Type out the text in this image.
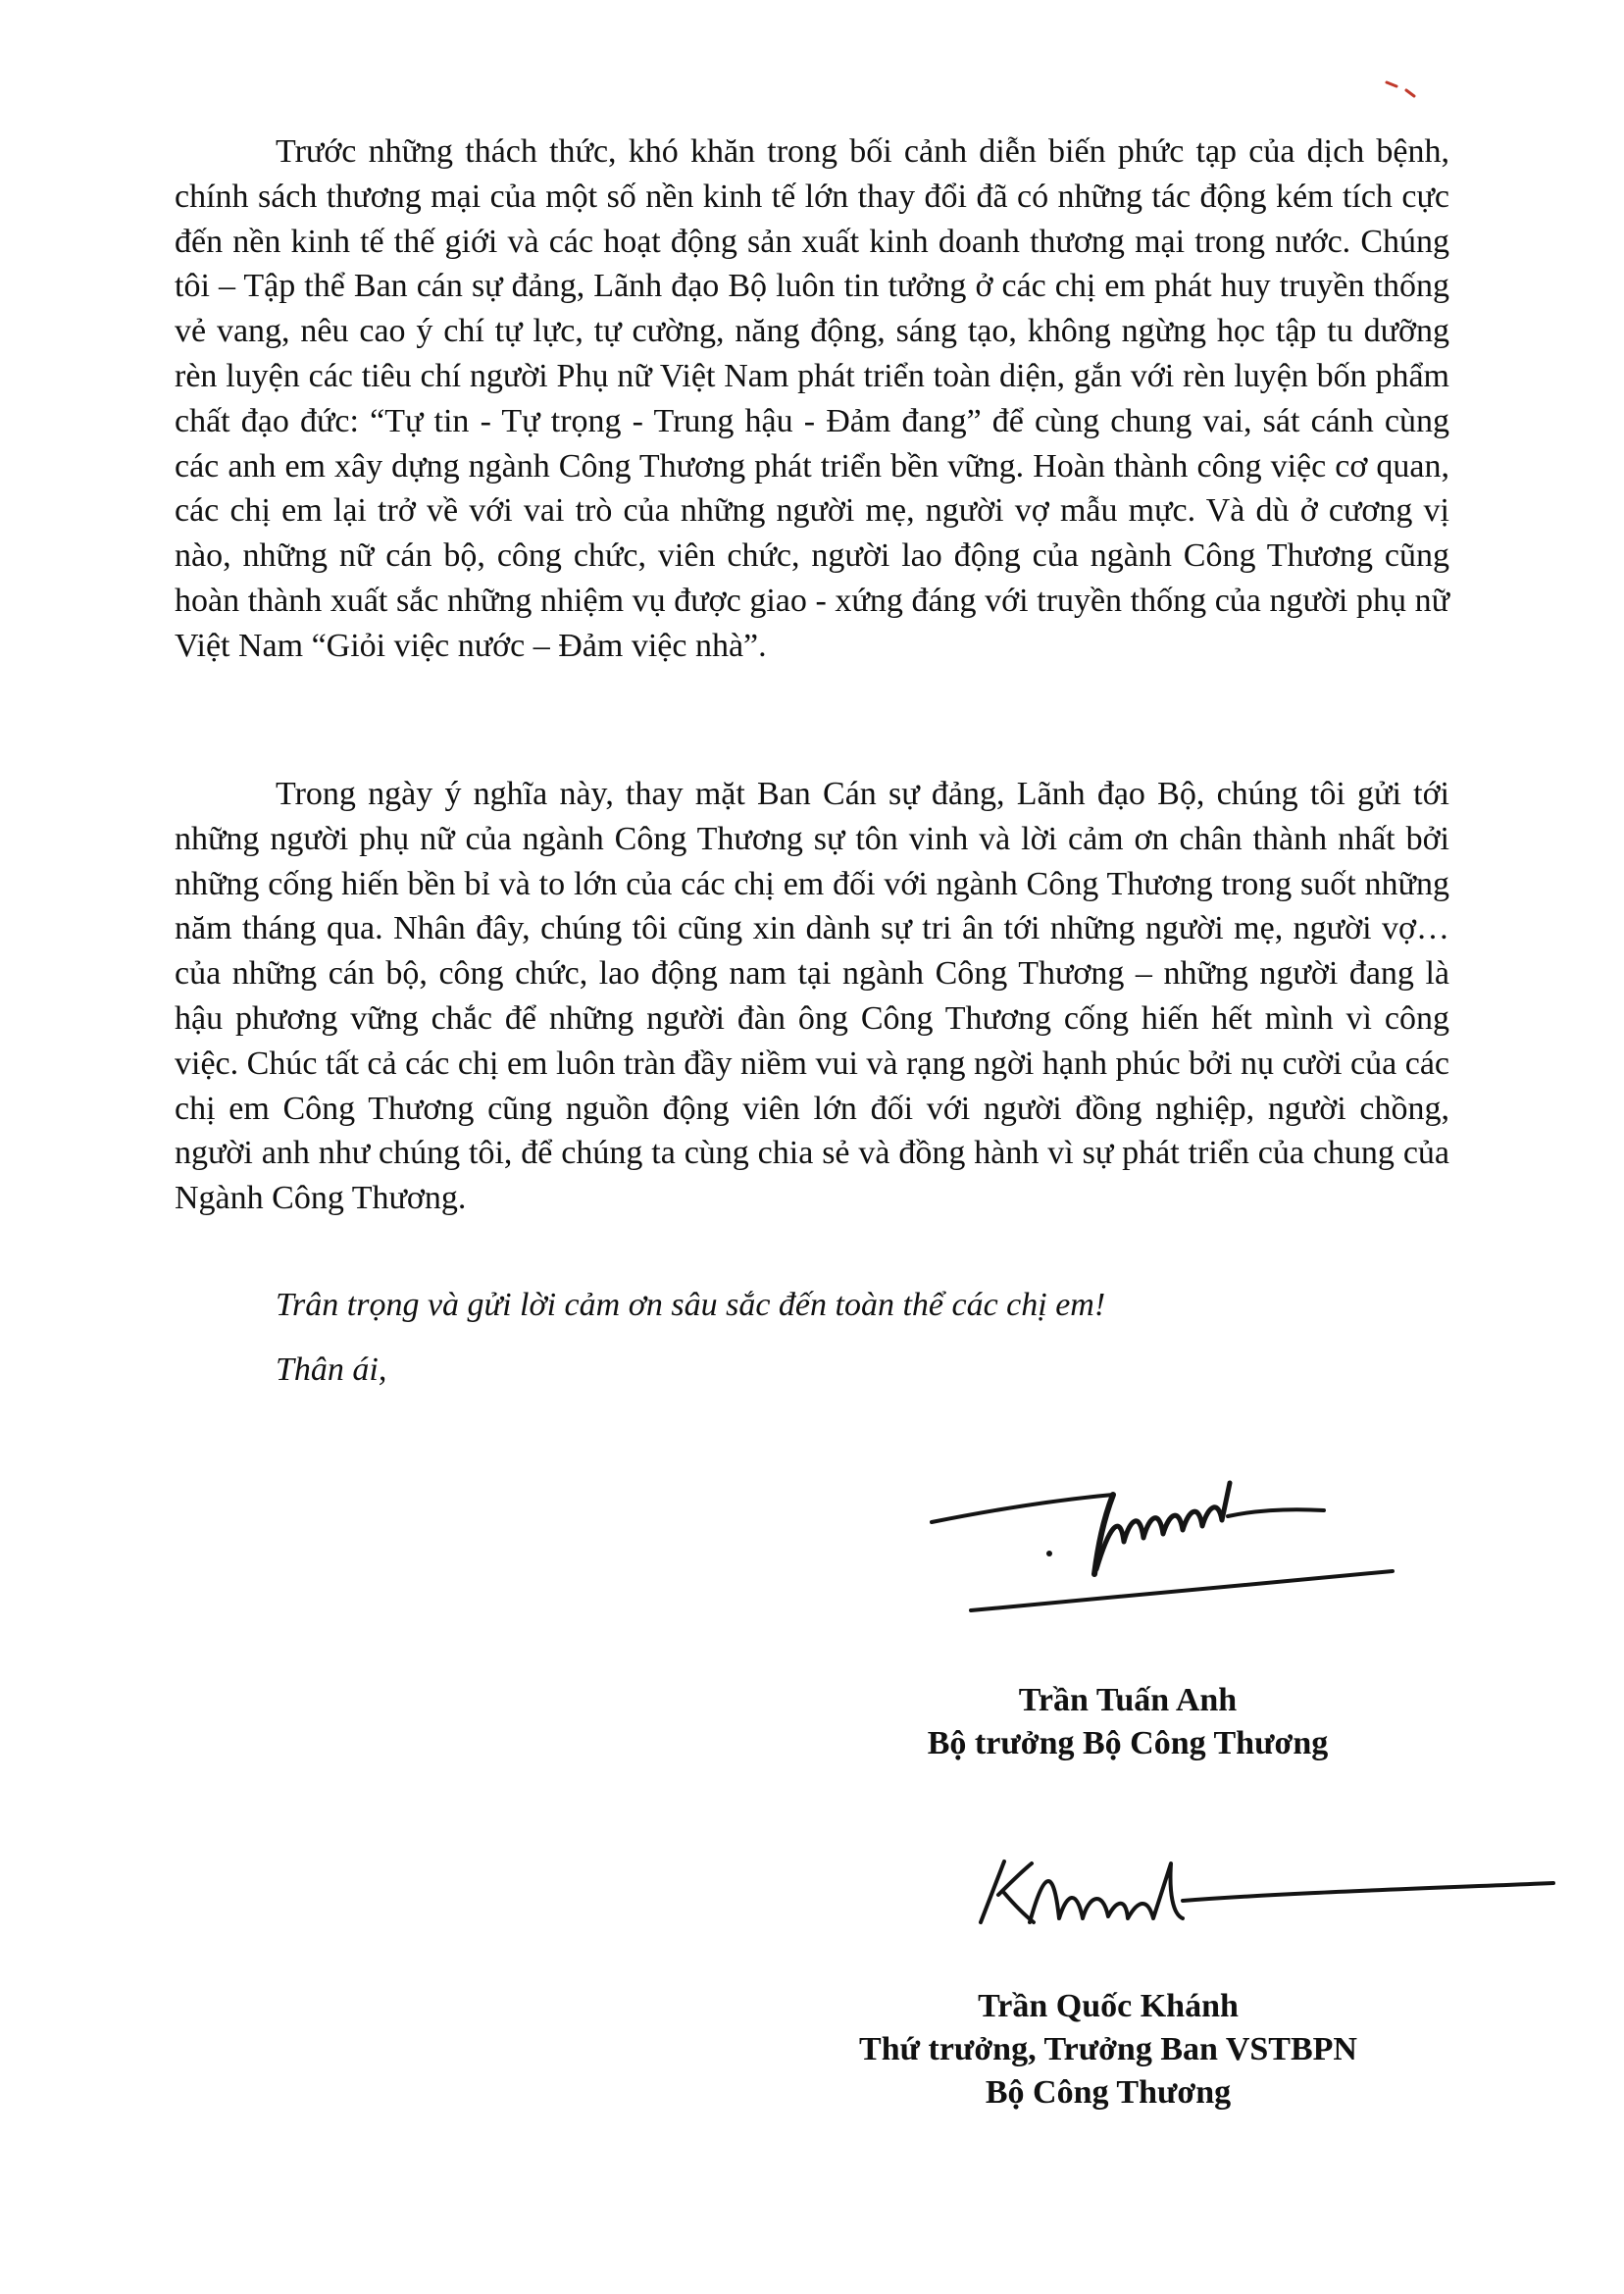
Trước những thách thức, khó khăn trong bối cảnh diễn biến phức tạp của dịch bệnh, chính sách thương mại của một số nền kinh tế lớn thay đổi đã có những tác động kém tích cực đến nền kinh tế thế giới và các hoạt động sản xuất kinh doanh thương mại trong nước. Chúng tôi – Tập thể Ban cán sự đảng, Lãnh đạo Bộ luôn tin tưởng ở các chị em phát huy truyền thống vẻ vang, nêu cao ý chí tự lực, tự cường, năng động, sáng tạo, không ngừng học tập tu dưỡng rèn luyện các tiêu chí người Phụ nữ Việt Nam phát triển toàn diện, gắn với rèn luyện bốn phẩm chất đạo đức: “Tự tin - Tự trọng - Trung hậu - Đảm đang” để cùng chung vai, sát cánh cùng các anh em xây dựng ngành Công Thương phát triển bền vững. Hoàn thành công việc cơ quan, các chị em lại trở về với vai trò của những người mẹ, người vợ mẫu mực. Và dù ở cương vị nào, những nữ cán bộ, công chức, viên chức, người lao động của ngành Công Thương cũng hoàn thành xuất sắc những nhiệm vụ được giao - xứng đáng với truyền thống của người phụ nữ Việt Nam “Giỏi việc nước – Đảm việc nhà”.

Trong ngày ý nghĩa này, thay mặt Ban Cán sự đảng, Lãnh đạo Bộ, chúng tôi gửi tới những người phụ nữ của ngành Công Thương sự tôn vinh và lời cảm ơn chân thành nhất bởi những cống hiến bền bỉ và to lớn của các chị em đối với ngành Công Thương trong suốt những năm tháng qua. Nhân đây, chúng tôi cũng xin dành sự tri ân tới những người mẹ, người vợ… của những cán bộ, công chức, lao động nam tại ngành Công Thương – những người đang là hậu phương vững chắc để những người đàn ông Công Thương cống hiến hết mình vì công việc. Chúc tất cả các chị em luôn tràn đầy niềm vui và rạng ngời hạnh phúc bởi nụ cười của các chị em Công Thương cũng nguồn động viên lớn đối với người đồng nghiệp, người chồng, người anh như chúng tôi, để chúng ta cùng chia sẻ và đồng hành vì sự phát triển của chung của Ngành Công Thương.

Trân trọng và gửi lời cảm ơn sâu sắc đến toàn thể các chị em!

Thân ái,

Trần Tuấn Anh
Bộ trưởng Bộ Công Thương
Trần Quốc Khánh
Thứ trưởng, Trưởng Ban VSTBPN
Bộ Công Thương
